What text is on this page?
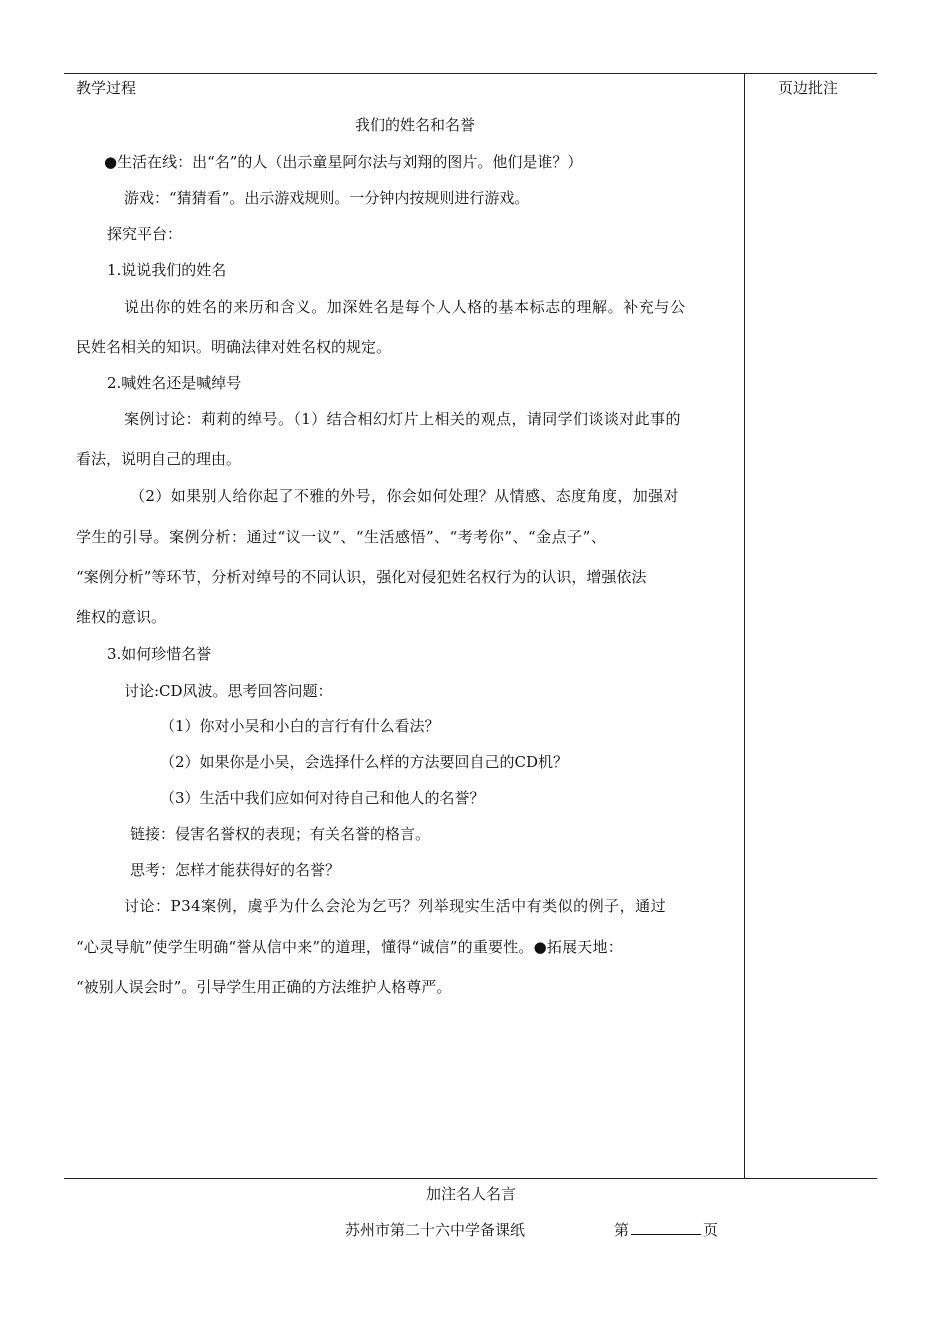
教学过程	页边批注
我们的姓名和名誉
●生活在线：出“名”的人（出示童星阿尔法与刘翔的图片。他们是谁？）
游戏：“猜猜看”。出示游戏规则。一分钟内按规则进行游戏。
探究平台：
1.说说我们的姓名
说出你的姓名的来历和含义。加深姓名是每个人人格的基本标志的理解。补充与公
民姓名相关的知识。明确法律对姓名权的规定。
2.喊姓名还是喊绰号
案例讨论：莉莉的绰号。（1）结合相幻灯片上相关的观点，请同学们谈谈对此事的
看法，说明自己的理由。
（2）如果别人给你起了不雅的外号，你会如何处理？从情感、态度角度，加强对
学生的引导。案例分析：通过“议一议”、“生活感悟”、“考考你”、“金点子”、
“案例分析”等环节，分析对绰号的不同认识，强化对侵犯姓名权行为的认识，增强依法
维权的意识。
3.如何珍惜名誉
讨论:CD风波。思考回答问题：
（1）你对小吴和小白的言行有什么看法？
（2）如果你是小吴，会选择什么样的方法要回自己的CD机？
（3）生活中我们应如何对待自己和他人的名誉？
链接：侵害名誉权的表现；有关名誉的格言。
思考：怎样才能获得好的名誉？
讨论：P34案例，虞乎为什么会沦为乞丐？列举现实生活中有类似的例子，通过
“心灵导航”使学生明确“誉从信中来”的道理，懂得“诚信”的重要性。●拓展天地：
“被别人误会时”。引导学生用正确的方法维护人格尊严。
加注名人名言
苏州市第二十六中学备课纸	第	页
